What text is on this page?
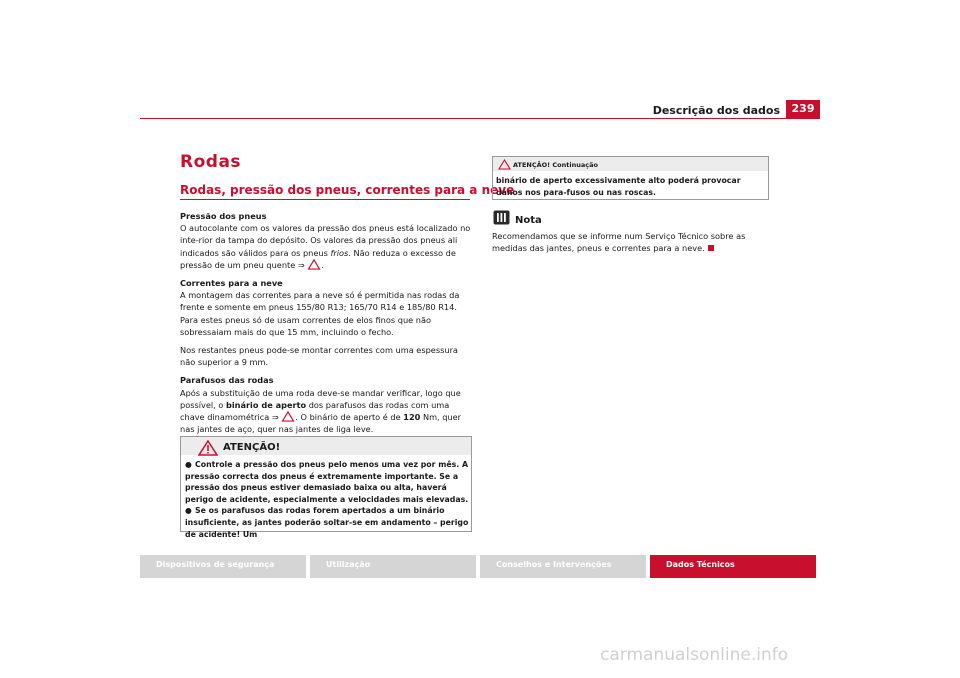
Descrição dos dados	239
Rodas
Rodas, pressão dos pneus, correntes para a neve
Pressão dos pneus

O autocolante com os valores da pressão dos pneus está localizado no inte-rior da tampa do depósito. Os valores da pressão dos pneus ali indicados são válidos para os pneus frios. Não reduza o excesso de pressão de um pneu quente ⇒ .

Correntes para a neve

A montagem das correntes para a neve só é permitida nas rodas da frente e somente em pneus 155/80 R13; 165/70 R14 e 185/80 R14. Para estes pneus só de usam correntes de elos finos que não sobressaiam mais do que 15 mm, incluindo o fecho.

Nos restantes pneus pode-se montar correntes com uma espessura não superior a 9 mm.

Parafusos das rodas

Após a substituição de uma roda deve-se mandar verificar, logo que possível, o binário de aperto dos parafusos das rodas com uma chave dinamométrica ⇒ . O binário de aperto é de 120 Nm, quer nas jantes de aço, quer nas jantes de liga leve.

ATENÇÃO!

● Controle a pressão dos pneus pelo menos uma vez por mês. A pressão correcta dos pneus é extremamente importante. Se a pressão dos pneus estiver demasiado baixa ou alta, haverá perigo de acidente, especialmente a velocidades mais elevadas.

● Se os parafusos das rodas forem apertados a um binário insuficiente, as jantes poderão soltar-se em andamento – perigo de acidente! Um

ATENÇÃO! Continuação
binário de aperto excessivamente alto poderá provocar danos nos para-fusos ou nas roscas.
Nota
Recomendamos que se informe num Serviço Técnico sobre as medidas das jantes, pneus e correntes para a neve.
Dispositivos de segurança	Utilização	Conselhos e Intervenções	Dados Técnicos
carmanualsonline.info
